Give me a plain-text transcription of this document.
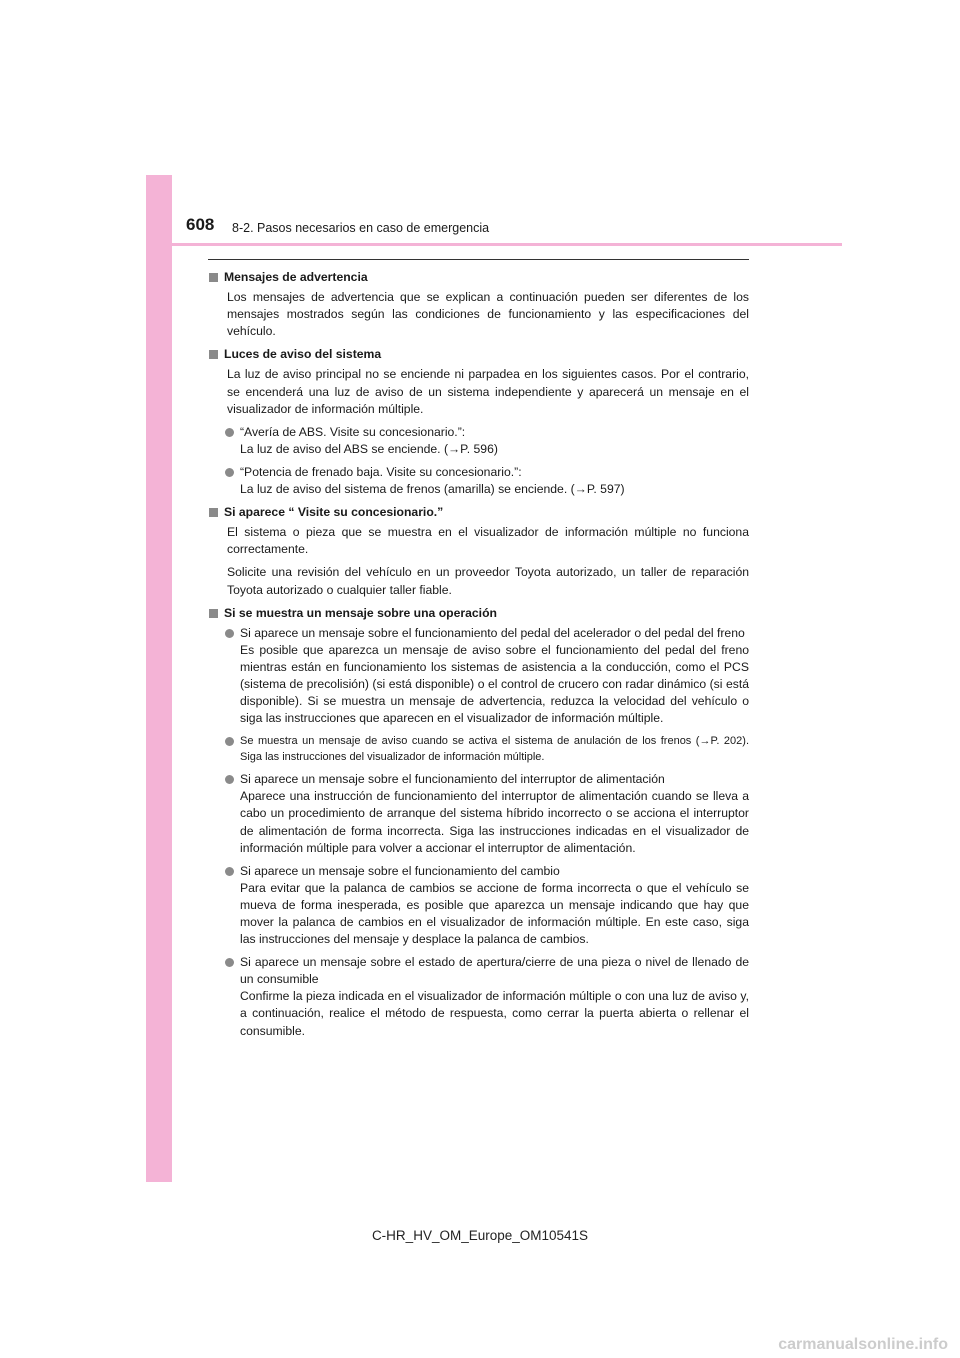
608 8-2. Pasos necesarios en caso de emergencia
Mensajes de advertencia
Los mensajes de advertencia que se explican a continuación pueden ser diferentes de los mensajes mostrados según las condiciones de funcionamiento y las especificaciones del vehículo.
Luces de aviso del sistema
La luz de aviso principal no se enciende ni parpadea en los siguientes casos. Por el contrario, se encenderá una luz de aviso de un sistema independiente y aparecerá un mensaje en el visualizador de información múltiple.
“Avería de ABS. Visite su concesionario.”:
La luz de aviso del ABS se enciende. (→P. 596)
“Potencia de frenado baja. Visite su concesionario.”:
La luz de aviso del sistema de frenos (amarilla) se enciende. (→P. 597)
Si aparece “ Visite su concesionario.”
El sistema o pieza que se muestra en el visualizador de información múltiple no funciona correctamente.
Solicite una revisión del vehículo en un proveedor Toyota autorizado, un taller de reparación Toyota autorizado o cualquier taller fiable.
Si se muestra un mensaje sobre una operación
Si aparece un mensaje sobre el funcionamiento del pedal del acelerador o del pedal del freno
Es posible que aparezca un mensaje de aviso sobre el funcionamiento del pedal del freno mientras están en funcionamiento los sistemas de asistencia a la conducción, como el PCS (sistema de precolisión) (si está disponible) o el control de crucero con radar dinámico (si está disponible). Si se muestra un mensaje de advertencia, reduzca la velocidad del vehículo o siga las instrucciones que aparecen en el visualizador de información múltiple.
Se muestra un mensaje de aviso cuando se activa el sistema de anulación de los frenos (→P. 202). Siga las instrucciones del visualizador de información múltiple.
Si aparece un mensaje sobre el funcionamiento del interruptor de alimentación
Aparece una instrucción de funcionamiento del interruptor de alimentación cuando se lleva a cabo un procedimiento de arranque del sistema híbrido incorrecto o se acciona el interruptor de alimentación de forma incorrecta. Siga las instrucciones indicadas en el visualizador de información múltiple para volver a accionar el interruptor de alimentación.
Si aparece un mensaje sobre el funcionamiento del cambio
Para evitar que la palanca de cambios se accione de forma incorrecta o que el vehículo se mueva de forma inesperada, es posible que aparezca un mensaje indicando que hay que mover la palanca de cambios en el visualizador de información múltiple. En este caso, siga las instrucciones del mensaje y desplace la palanca de cambios.
Si aparece un mensaje sobre el estado de apertura/cierre de una pieza o nivel de llenado de un consumible
Confirme la pieza indicada en el visualizador de información múltiple o con una luz de aviso y, a continuación, realice el método de respuesta, como cerrar la puerta abierta o rellenar el consumible.
C-HR_HV_OM_Europe_OM10541S
carmanualsonline.info
